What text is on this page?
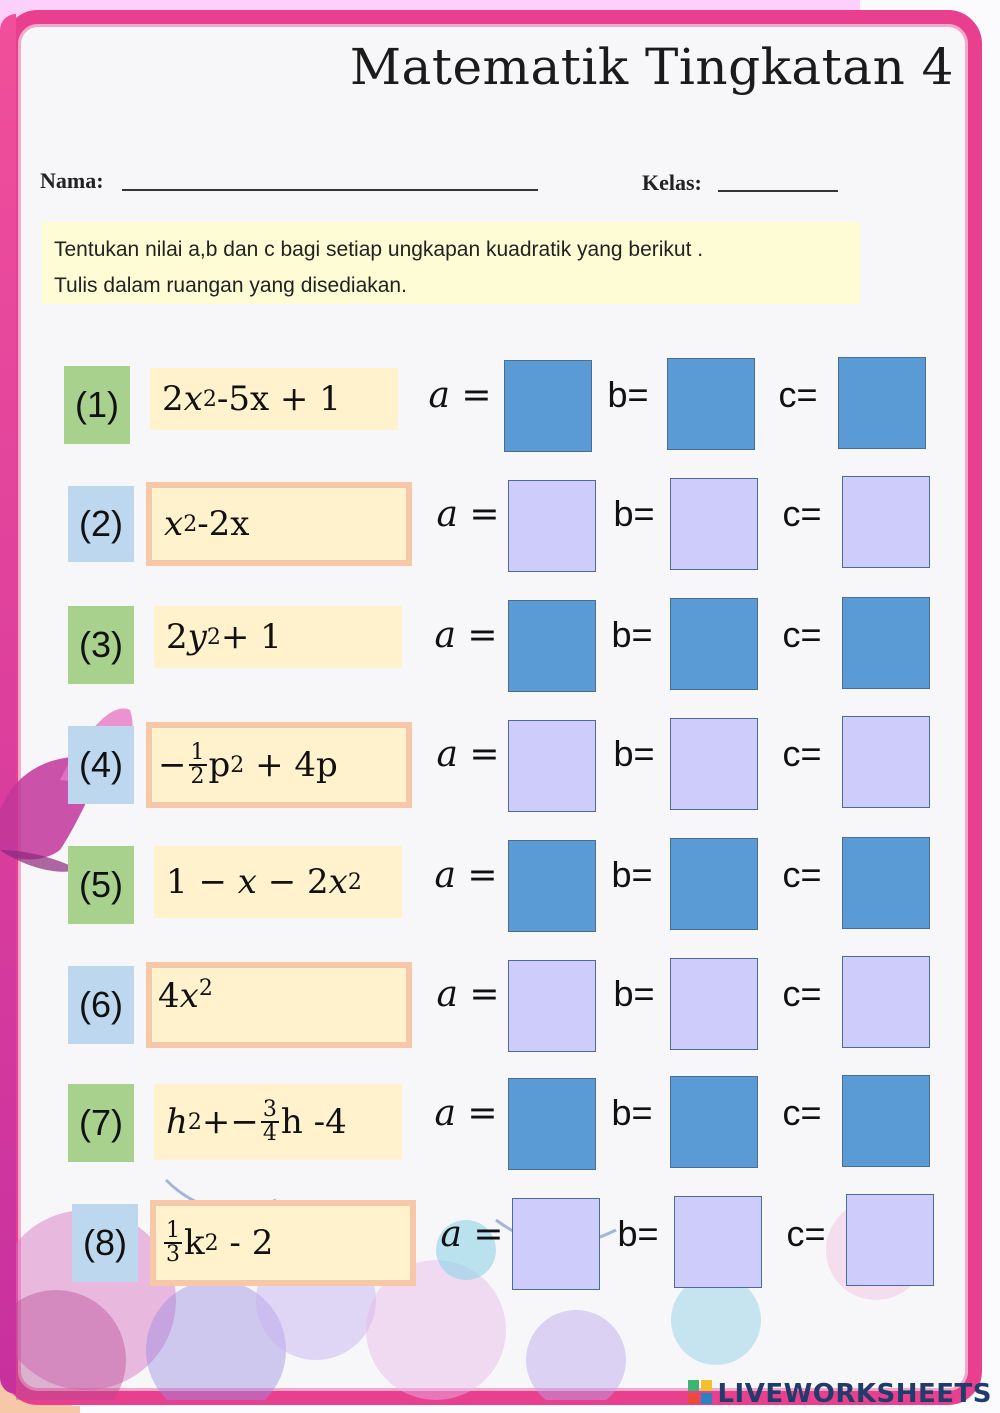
Matematik Tingkatan 4
Nama:	Kelas:
Tentukan nilai a,b dan c bagi setiap ungkapan kuadratik yang berikut .
Tulis dalam ruangan yang disediakan.
(1)	2 x 2 -5x + 1	𝑎 =	b=	c=
(2)	x 2 -2x	𝑎 =	b=	c=
(3)	2 y 2 + 1	𝑎 =	b=	c=
(4)	− $\frac{1}{2}$ p 2 + 4p	𝑎 =	b=	c=
(5)	1 − x − 2 x 2	𝑎 =	b=	c=
(6)	4 $x^2$	𝑎 =	b=	c=
(7)	h $2 +- \frac{3}{4}$ h -4	𝑎 =	b=	c=
(8)	$\frac{1}{3}$ k 2 - 2	𝑎 =	b=	c=
LIVEWORKSHEETS
